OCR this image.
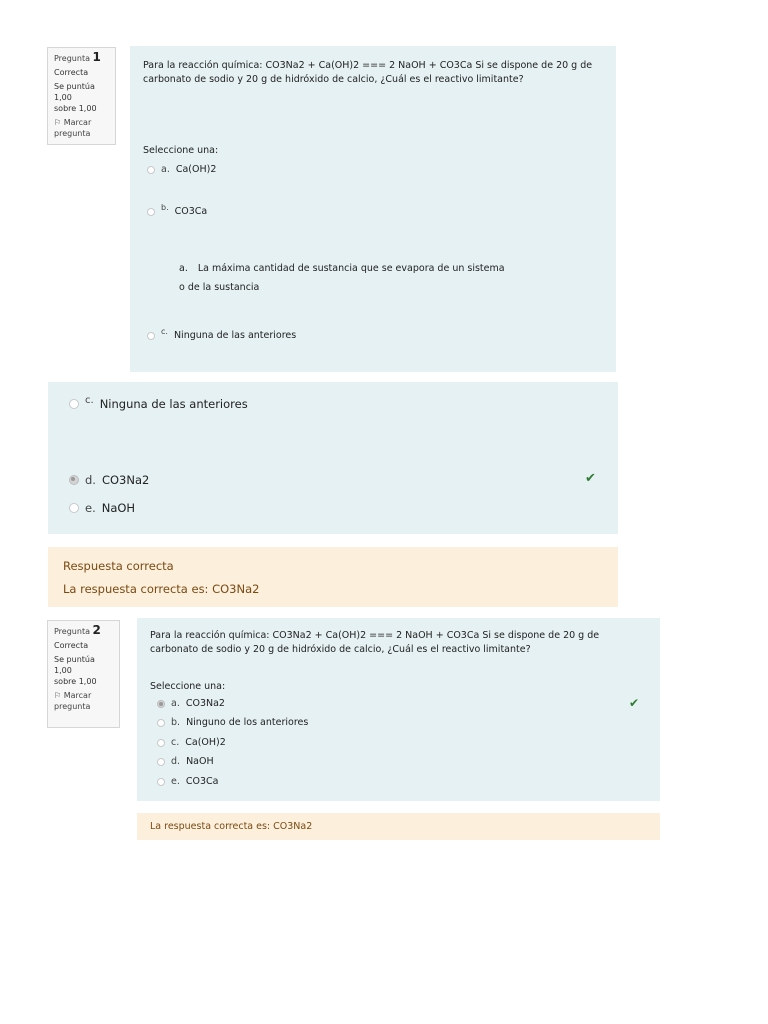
Pregunta 1
Correcta
Se puntúa 1,00
sobre 1,00
⚐ Marcar pregunta
Para la reacción química: CO3Na2 + Ca(OH)2 === 2 NaOH + CO3Ca Si se dispone de 20 g de
carbonato de sodio y 20 g de hidróxido de calcio, ¿Cuál es el reactivo limitante?
Seleccione una:
a. Ca(OH)2
b. CO3Ca
a. La máxima cantidad de sustancia que se evapora de un sistema
o de la sustancia
c. Ninguna de las anteriores
c. Ninguna de las anteriores
d. CO3Na2	✔
e. NaOH
Respuesta correcta
La respuesta correcta es: CO3Na2
Pregunta 2
Correcta
Se puntúa 1,00
sobre 1,00
⚐ Marcar pregunta
Para la reacción química: CO3Na2 + Ca(OH)2 === 2 NaOH + CO3Ca Si se dispone de 20 g de
carbonato de sodio y 20 g de hidróxido de calcio, ¿Cuál es el reactivo limitante?
Seleccione una:
a. CO3Na2	✔
b. Ninguno de los anteriores
c. Ca(OH)2
d. NaOH
e. CO3Ca
La respuesta correcta es: CO3Na2
